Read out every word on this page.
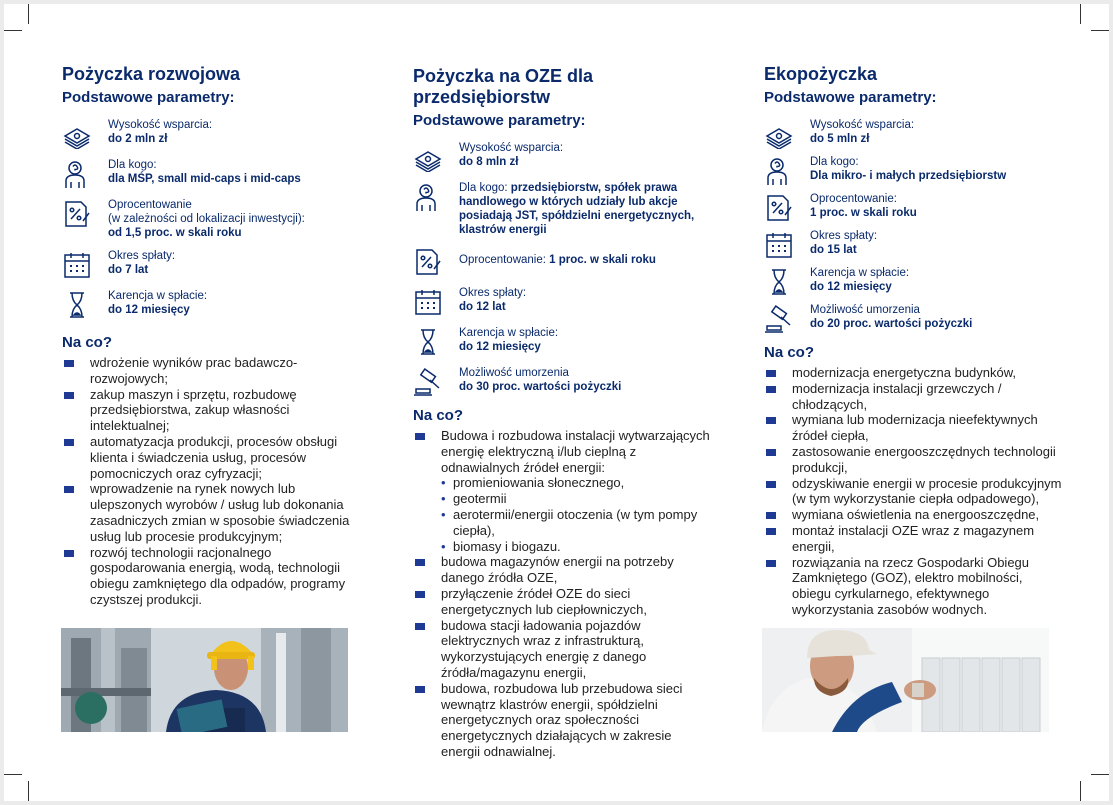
Pożyczka rozwojowa
Podstawowe parametry:
Wysokość wsparcia:
do 2 mln zł
Dla kogo:
dla MŚP, small mid-caps i mid-caps
Oprocentowanie
(w zależności od lokalizacji inwestycji):
od 1,5 proc. w skali roku
Okres spłaty:
do 7 lat
Karencja w spłacie:
do 12 miesięcy
Na co?
wdrożenie wyników prac badawczo-rozwojowych;
zakup maszyn i sprzętu, rozbudowę przedsiębiorstwa, zakup własności intelektualnej;
automatyzacja produkcji, procesów obsługi klienta i świadczenia usług, procesów pomocniczych oraz cyfryzacji;
wprowadzenie na rynek nowych lub ulepszonych wyrobów / usług lub dokonania zasadniczych zmian w sposobie świadczenia usług lub procesie produkcyjnym;
rozwój technologii racjonalnego gospodarowania energią, wodą, technologii obiegu zamkniętego dla odpadów, programy czystszej produkcji.
Pożyczka na OZE dla przedsiębiorstw
Podstawowe parametry:
Wysokość wsparcia:
do 8 mln zł
Dla kogo: przedsiębiorstw, spółek prawa handlowego w których udziały lub akcje posiadają JST, spółdzielni energetycznych, klastrów energii
Oprocentowanie: 1 proc. w skali roku
Okres spłaty:
do 12 lat
Karencja w spłacie:
do 12 miesięcy
Możliwość umorzenia
do 30 proc. wartości pożyczki
Na co?
Budowa i rozbudowa instalacji wytwarzających energię elektryczną i/lub cieplną z odnawialnych źródeł energii:
• promieniowania słonecznego,
• geotermii
• aerotermii/energii otoczenia (w tym pompy ciepła),
• biomasy i biogazu.
budowa magazynów energii na potrzeby danego źródła OZE,
przyłączenie źródeł OZE do sieci energetycznych lub ciepłowniczych,
budowa stacji ładowania pojazdów elektrycznych wraz z infrastrukturą, wykorzystujących energię z danego źródła/magazynu energii,
budowa, rozbudowa lub przebudowa sieci wewnątrz klastrów energii, spółdzielni energetycznych oraz społeczności energetycznych działających w zakresie energii odnawialnej.
Ekopożyczka
Podstawowe parametry:
Wysokość wsparcia:
do 5 mln zł
Dla kogo:
Dla mikro- i małych przedsiębiorstw
Oprocentowanie:
1 proc. w skali roku
Okres spłaty:
do 15 lat
Karencja w spłacie:
do 12 miesięcy
Możliwość umorzenia
do 20 proc. wartości pożyczki
Na co?
modernizacja energetyczna budynków,
modernizacja instalacji grzewczych / chłodzących,
wymiana lub modernizacja nieefektywnych źródeł ciepła,
zastosowanie energooszczędnych technologii produkcji,
odzyskiwanie energii w procesie produkcyjnym (w tym wykorzystanie ciepła odpadowego),
wymiana oświetlenia na energooszczędne,
montaż instalacji OZE wraz z magazynem energii,
rozwiązania na rzecz Gospodarki Obiegu Zamkniętego (GOZ), elektro mobilności, obiegu cyrkularnego, efektywnego wykorzystania zasobów wodnych.
